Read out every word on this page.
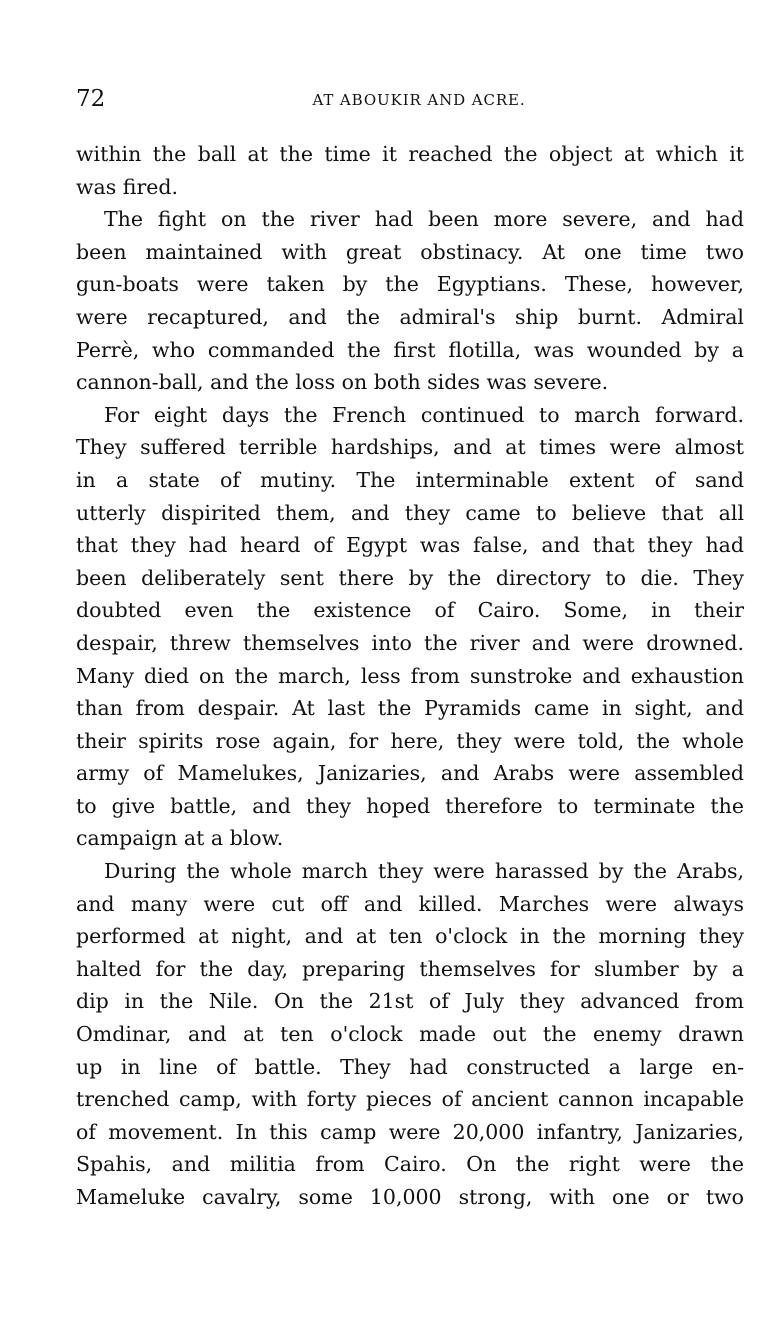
72	AT ABOUKIR AND ACRE.
within the ball at the time it reached the object at which it
was fired.
The fight on the river had been more severe, and had
been maintained with great obstinacy. At one time two
gun-boats were taken by the Egyptians. These, however,
were recaptured, and the admiral's ship burnt. Admiral
Perrè, who commanded the first flotilla, was wounded by a
cannon-ball, and the loss on both sides was severe.
For eight days the French continued to march forward.
They suffered terrible hardships, and at times were almost
in a state of mutiny. The interminable extent of sand
utterly dispirited them, and they came to believe that all
that they had heard of Egypt was false, and that they had
been deliberately sent there by the directory to die. They
doubted even the existence of Cairo. Some, in their
despair, threw themselves into the river and were drowned.
Many died on the march, less from sunstroke and exhaustion
than from despair. At last the Pyramids came in sight, and
their spirits rose again, for here, they were told, the whole
army of Mamelukes, Janizaries, and Arabs were assembled
to give battle, and they hoped therefore to terminate the
campaign at a blow.
During the whole march they were harassed by the Arabs,
and many were cut off and killed. Marches were always
performed at night, and at ten o'clock in the morning they
halted for the day, preparing themselves for slumber by a
dip in the Nile. On the 21st of July they advanced from
Omdinar, and at ten o'clock made out the enemy drawn
up in line of battle. They had constructed a large en-
trenched camp, with forty pieces of ancient cannon incapable
of movement. In this camp were 20,000 infantry, Janizaries,
Spahis, and militia from Cairo. On the right were the
Mameluke cavalry, some 10,000 strong, with one or two
